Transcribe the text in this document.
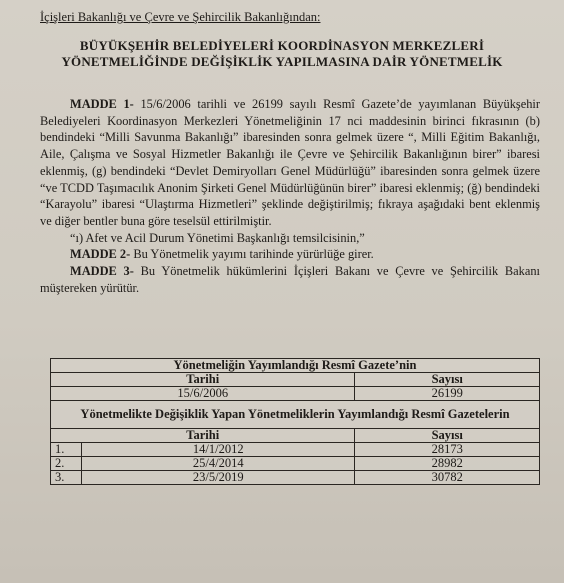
İçişleri Bakanlığı ve Çevre ve Şehircilik Bakanlığından:
BÜYÜKŞEHİR BELEDİYELERİ KOORDİNASYON MERKEZLERİ
YÖNETMELİĞİNDE DEĞİŞİKLİK YAPILMASINA DAİR YÖNETMELİK

MADDE 1- 15/6/2006 tarihli ve 26199 sayılı Resmî Gazete’de yayımlanan Büyükşehir Belediyeleri Koordinasyon Merkezleri Yönetmeliğinin 17 nci maddesinin birinci fıkrasının (b) bendindeki “Milli Savunma Bakanlığı” ibaresinden sonra gelmek üzere “, Milli Eğitim Bakanlığı, Aile, Çalışma ve Sosyal Hizmetler Bakanlığı ile Çevre ve Şehircilik Bakanlığının birer” ibaresi eklenmiş, (g) bendindeki “Devlet Demiryolları Genel Müdürlüğü” ibaresinden sonra gelmek üzere “ve TCDD Taşımacılık Anonim Şirketi Genel Müdürlüğünün birer” ibaresi eklenmiş; (ğ) bendindeki “Karayolu” ibaresi “Ulaştırma Hizmetleri” şeklinde değiştirilmiş; fıkraya aşağıdaki bent eklenmiş ve diğer bentler buna göre teselsül ettirilmiştir.

“ı) Afet ve Acil Durum Yönetimi Başkanlığı temsilcisinin,”

MADDE 2- Bu Yönetmelik yayımı tarihinde yürürlüğe girer.

MADDE 3- Bu Yönetmelik hükümlerini İçişleri Bakanı ve Çevre ve Şehircilik Bakanı müştereken yürütür.

Yönetmeliğin Yayımlandığı Resmî Gazete’nin		
Tarihi		Sayısı
15/6/2006		26199
Yönetmelikte Değişiklik Yapan Yönetmeliklerin Yayımlandığı Resmî Gazetelerin		
Tarihi		Sayısı
1.	14/1/2012	28173
2.	25/4/2014	28982
3.	23/5/2019	30782
